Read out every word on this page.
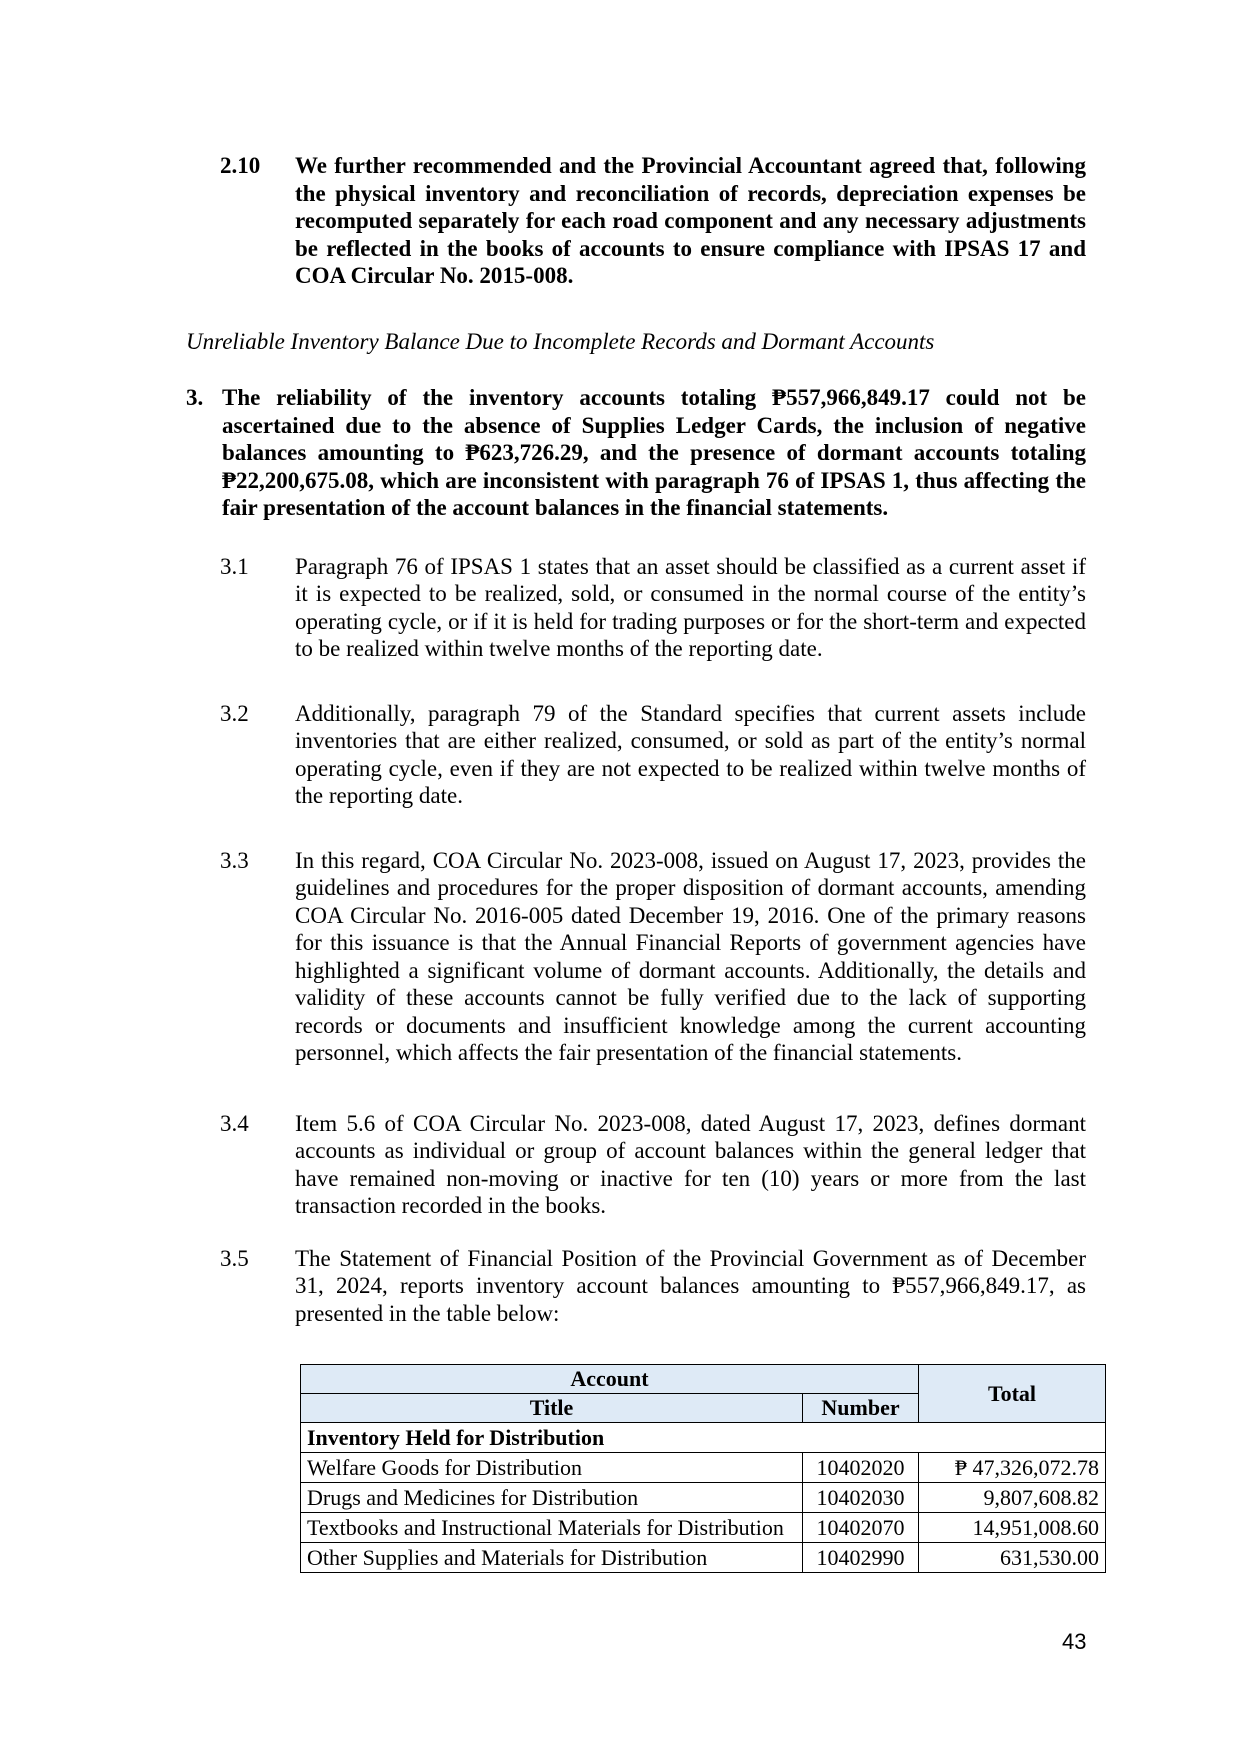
2.10	We further recommended and the Provincial Accountant agreed that, following the physical inventory and reconciliation of records, depreciation expenses be recomputed separately for each road component and any necessary adjustments be reflected in the books of accounts to ensure compliance with IPSAS 17 and COA Circular No. 2015-008.
Unreliable Inventory Balance Due to Incomplete Records and Dormant Accounts
3. The reliability of the inventory accounts totaling ₱557,966,849.17 could not be ascertained due to the absence of Supplies Ledger Cards, the inclusion of negative balances amounting to ₱623,726.29, and the presence of dormant accounts totaling ₱22,200,675.08, which are inconsistent with paragraph 76 of IPSAS 1, thus affecting the fair presentation of the account balances in the financial statements.
3.1	Paragraph 76 of IPSAS 1 states that an asset should be classified as a current asset if it is expected to be realized, sold, or consumed in the normal course of the entity’s operating cycle, or if it is held for trading purposes or for the short-term and expected to be realized within twelve months of the reporting date.
3.2	Additionally, paragraph 79 of the Standard specifies that current assets include inventories that are either realized, consumed, or sold as part of the entity’s normal operating cycle, even if they are not expected to be realized within twelve months of the reporting date.
3.3	In this regard, COA Circular No. 2023-008, issued on August 17, 2023, provides the guidelines and procedures for the proper disposition of dormant accounts, amending COA Circular No. 2016-005 dated December 19, 2016. One of the primary reasons for this issuance is that the Annual Financial Reports of government agencies have highlighted a significant volume of dormant accounts. Additionally, the details and validity of these accounts cannot be fully verified due to the lack of supporting records or documents and insufficient knowledge among the current accounting personnel, which affects the fair presentation of the financial statements.
3.4	Item 5.6 of COA Circular No. 2023-008, dated August 17, 2023, defines dormant accounts as individual or group of account balances within the general ledger that have remained non-moving or inactive for ten (10) years or more from the last transaction recorded in the books.
3.5	The Statement of Financial Position of the Provincial Government as of December 31, 2024, reports inventory account balances amounting to ₱557,966,849.17, as presented in the table below:
Account		Total
Title	Number	
Inventory Held for Distribution		
Welfare Goods for Distribution	10402020	₱ 47,326,072.78
Drugs and Medicines for Distribution	10402030	9,807,608.82
Textbooks and Instructional Materials for Distribution	10402070	14,951,008.60
Other Supplies and Materials for Distribution	10402990	631,530.00
43
